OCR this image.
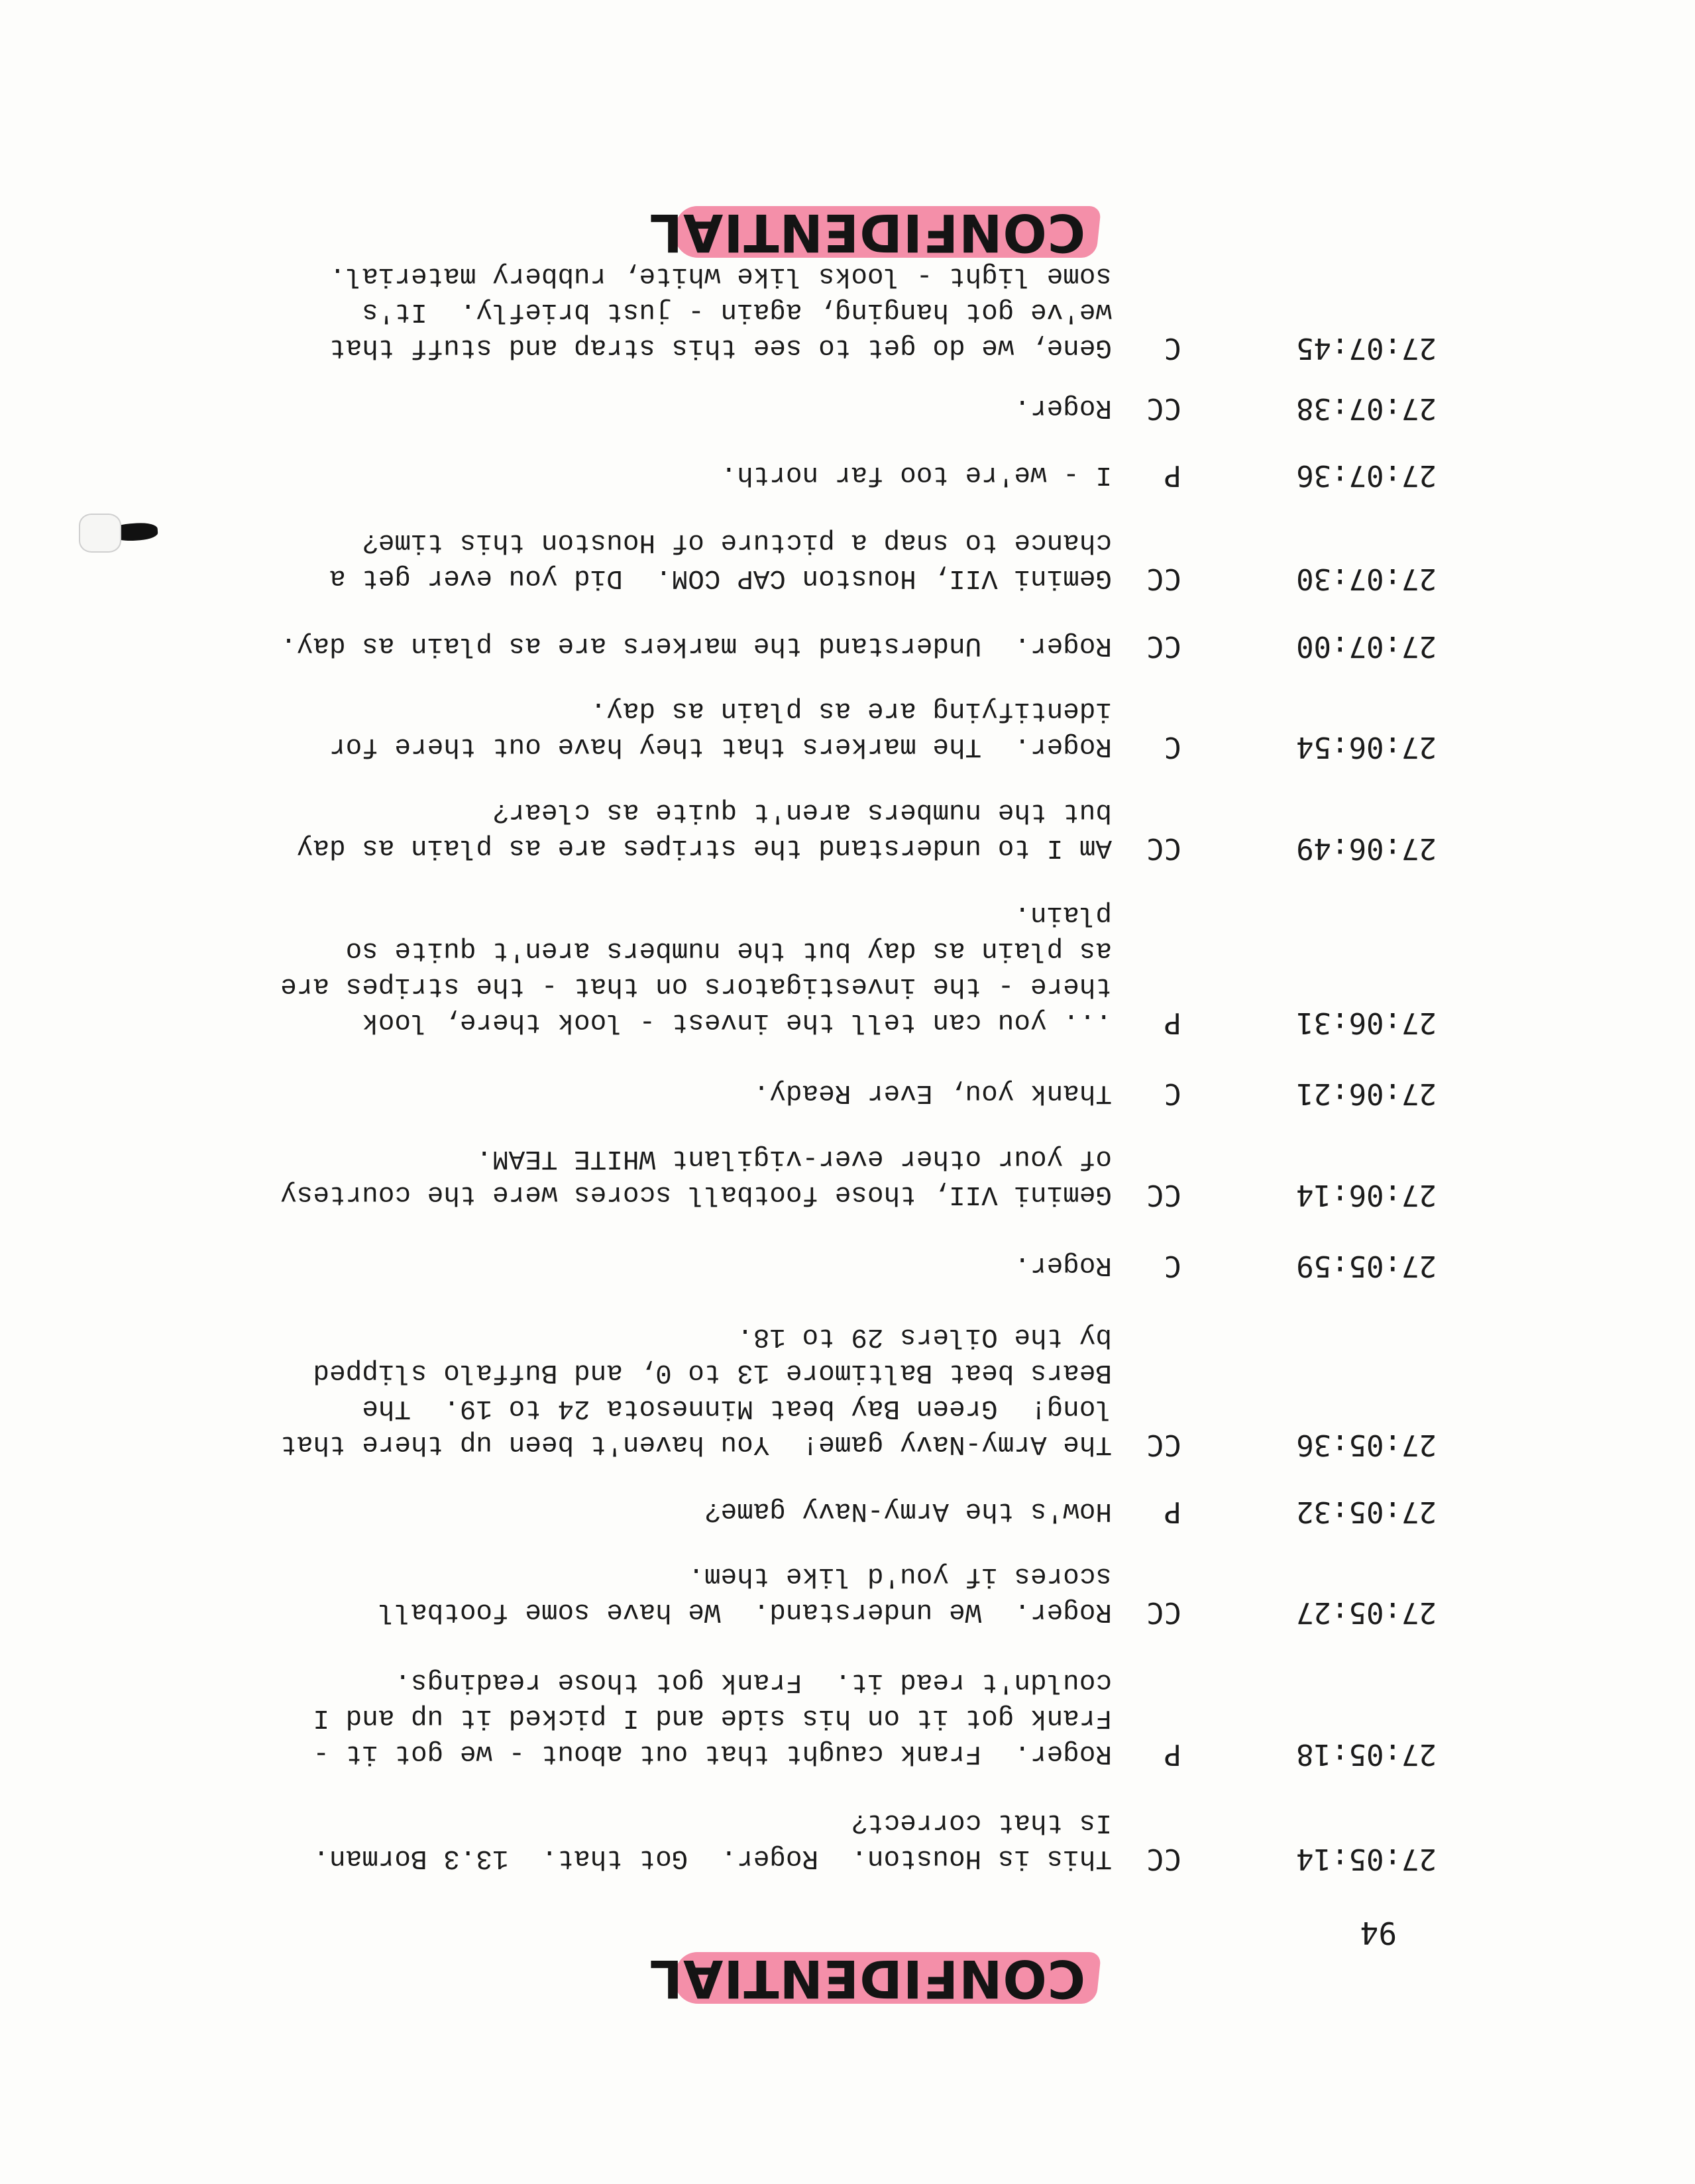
94
CONFIDENTIAL
27:05:14
CC
This is Houston.  Roger.  Got that.  13.3 Borman.
Is that correct?
27:05:18
P
Roger.  Frank caught that out about - we got it -
Frank got it on his side and I picked it up and I
couldn't read it.  Frank got those readings.
27:05:27
CC
Roger.  We understand.  We have some football
scores if you'd like them.
27:05:32
P
How's the Army-Navy game?
27:05:36
CC
The Army-Navy game!  You haven't been up there that
long!  Green Bay beat Minnesota 24 to 19.  The
Bears beat Baltimore 13 to 0, and Buffalo slipped
by the Oilers 29 to 18.
27:05:59
C
Roger.
27:06:14
CC
Gemini VII, those football scores were the courtesy
of your other ever-vigilant WHITE TEAM.
27:06:21
C
Thank you, Ever Ready.
27:06:31
P
... you can tell the invest - look there, look
there - the investigators on that - the stripes are
as plain as day but the numbers aren't quite so
plain.
27:06:49
CC
Am I to understand the stripes are as plain as day
but the numbers aren't quite as clear?
27:06:54
C
Roger.  The markers that they have out there for
identifying are as plain as day.
27:07:00
CC
Roger.  Understand the markers are as plain as day.
27:07:30
CC
Gemini VII, Houston CAP COM.  Did you ever get a
chance to snap a picture of Houston this time?
27:07:36
P
I - we're too far north.
27:07:38
CC
Roger.
27:07:45
C
Gene, we do get to see this strap and stuff that
we've got hanging, again - just briefly.  It's
some light - looks like white, rubbery material.
CONFIDENTIAL
